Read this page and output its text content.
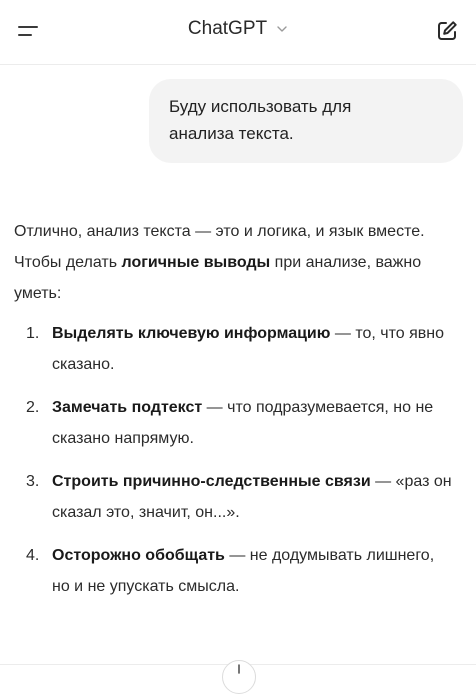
ChatGPT
Буду использовать для
анализа текста.

Отлично, анализ текста — это и логика, и язык вместе. Чтобы делать логичные выводы при анализе, важно уметь:

1. Выделять ключевую информацию — то, что явно сказано.
2. Замечать подтекст — что подразумевается, но не сказано напрямую.
3. Строить причинно-следственные связи — «раз он сказал это, значит, он...».
4. Осторожно обобщать — не додумывать лишнего, но и не упускать смысла.
